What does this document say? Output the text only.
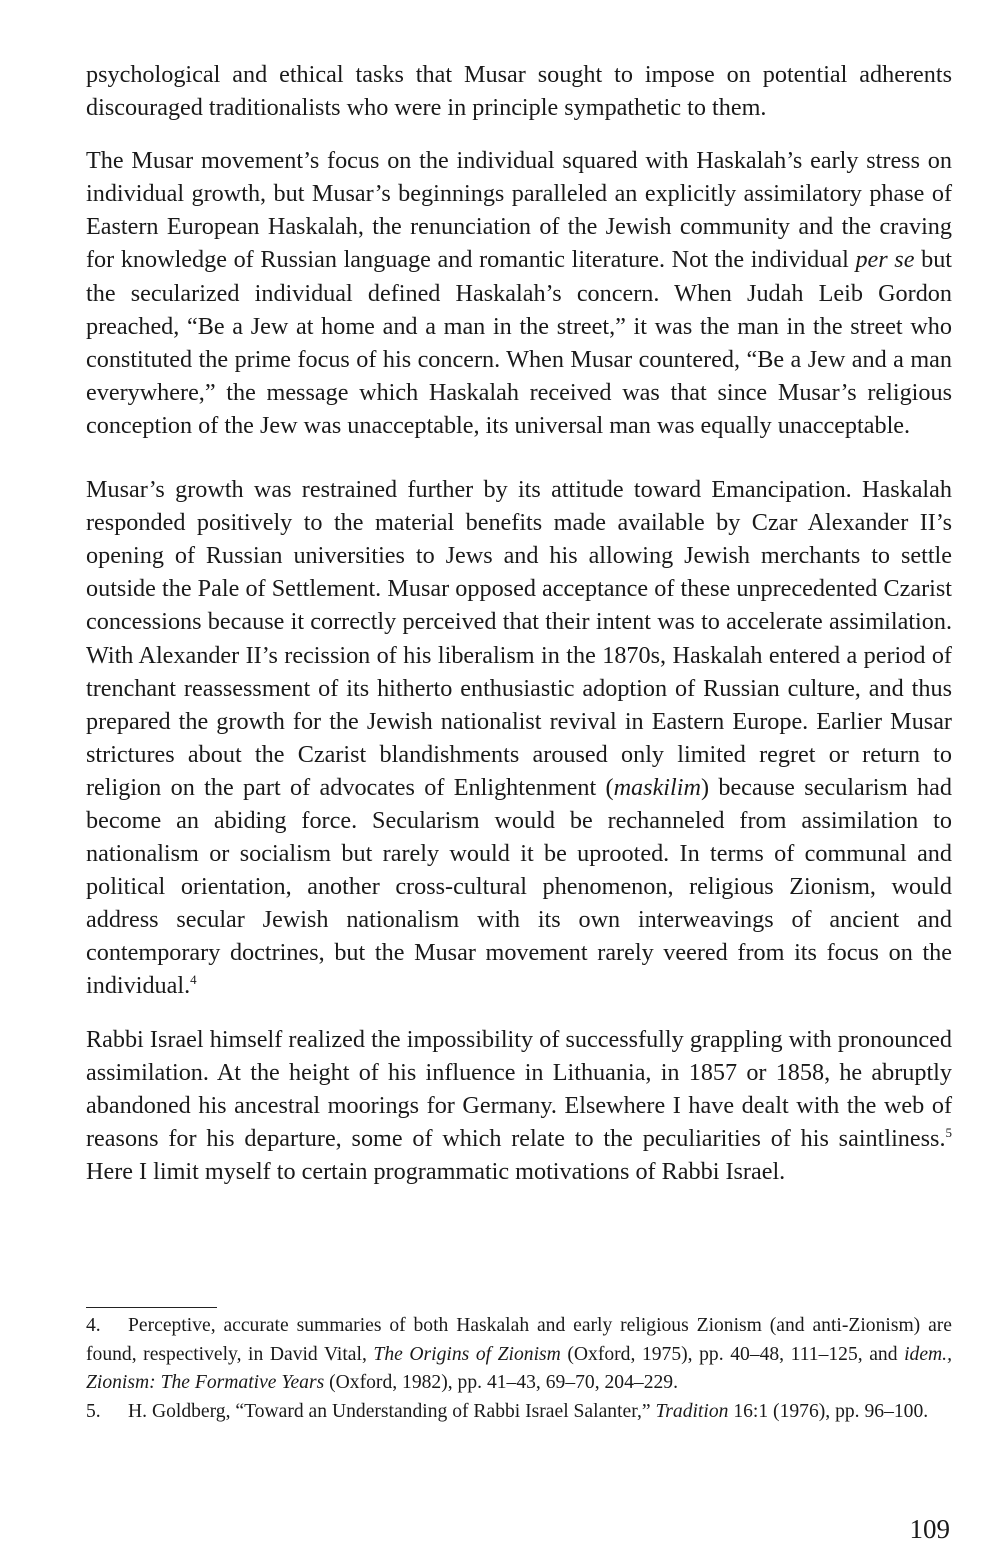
psychological and ethical tasks that Musar sought to impose on potential adherents discouraged traditionalists who were in principle sympathetic to them.

The Musar movement’s focus on the individual squared with Haskalah’s early stress on individual growth, but Musar’s beginnings paralleled an explicitly assimilatory phase of Eastern European Haskalah, the renunciation of the Jewish community and the craving for knowledge of Russian language and romantic literature. Not the individual per se but the secularized individual defined Haskalah’s concern. When Judah Leib Gordon preached, “Be a Jew at home and a man in the street,” it was the man in the street who constituted the prime focus of his concern. When Musar countered, “Be a Jew and a man everywhere,” the message which Haskalah received was that since Musar’s religious conception of the Jew was unacceptable, its universal man was equally unacceptable.

Musar’s growth was restrained further by its attitude toward Emancipation. Haskalah responded positively to the material benefits made available by Czar Alexander II’s opening of Russian universities to Jews and his allowing Jewish merchants to settle outside the Pale of Settlement. Musar opposed acceptance of these unprecedented Czarist concessions because it correctly perceived that their intent was to accelerate assimilation. With Alexander II’s recission of his liberalism in the 1870s, Haskalah entered a period of trenchant reassessment of its hitherto enthusiastic adoption of Russian culture, and thus prepared the growth for the Jewish nationalist revival in Eastern Europe. Earlier Musar strictures about the Czarist blandishments aroused only limited regret or return to religion on the part of advocates of Enlightenment (maskilim) because secularism had become an abiding force. Secularism would be rechanneled from assimilation to nationalism or socialism but rarely would it be uprooted. In terms of communal and political orientation, another cross-cultural phenomenon, religious Zionism, would address secular Jewish nationalism with its own interweavings of ancient and contemporary doctrines, but the Musar movement rarely veered from its focus on the individual.$^4$

Rabbi Israel himself realized the impossibility of successfully grappling with pronounced assimilation. At the height of his influence in Lithuania, in 1857 or 1858, he abruptly abandoned his ancestral moorings for Germany. Elsewhere I have dealt with the web of reasons for his departure, some of which relate to the peculiarities of his saintliness.$^5$ Here I limit myself to certain programmatic motivations of Rabbi Israel.

4. Perceptive, accurate summaries of both Haskalah and early religious Zionism (and anti-Zionism) are found, respectively, in David Vital, The Origins of Zionism (Oxford, 1975), pp. 40–48, 111–125, and idem., Zionism: The Formative Years (Oxford, 1982), pp. 41–43, 69–70, 204–229.

5. H. Goldberg, “Toward an Understanding of Rabbi Israel Salanter,” Tradition 16:1 (1976), pp. 96–100.

109
